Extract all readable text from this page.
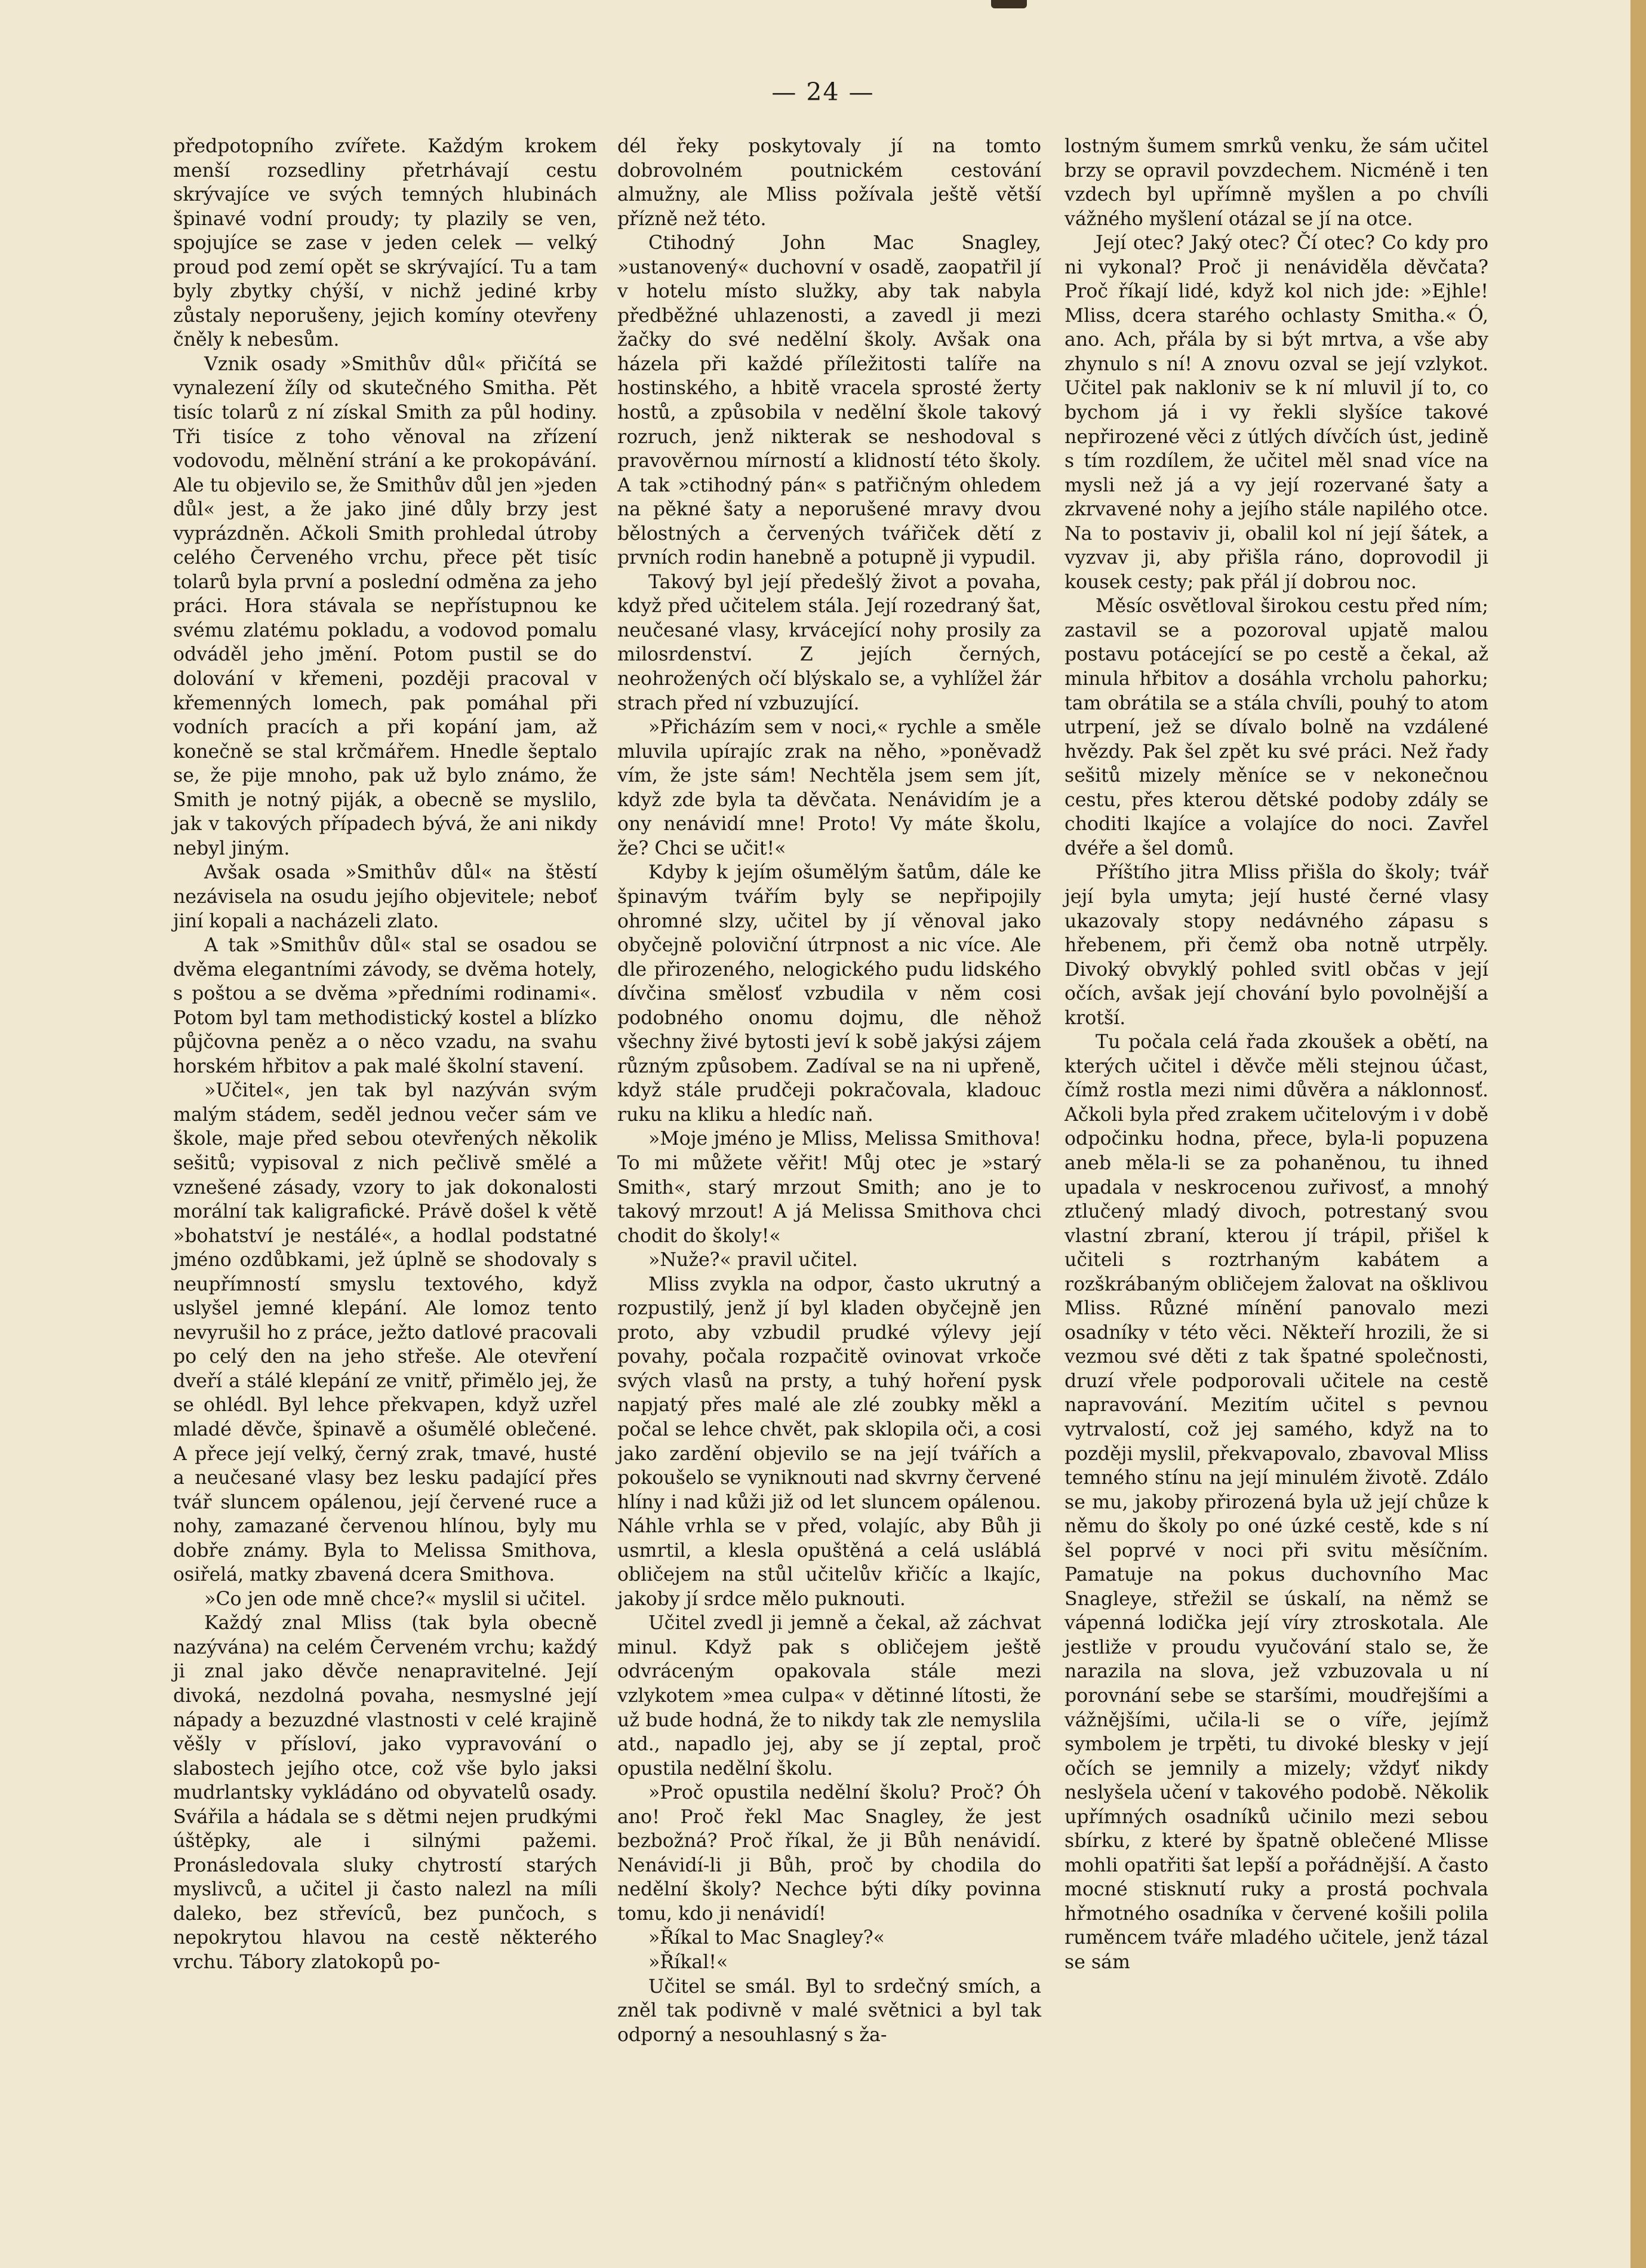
— 24 —

předpotopního zvířete. Každým krokem menší rozsedliny přetrhávají cestu skrývajíce ve svých temných hlubinách špinavé vodní proudy; ty plazily se ven, spojujíce se zase v jeden celek — velký proud pod zemí opět se skrývající. Tu a tam byly zbytky chýší, v nichž jediné krby zůstaly neporušeny, jejich komíny otevřeny čněly k nebesům.

Vznik osady »Smithův důl« přičítá se vynalezení žíly od skutečného Smitha. Pět tisíc tolarů z ní získal Smith za půl hodiny. Tři tisíce z toho věnoval na zřízení vodovodu, mělnění strání a ke prokopávání. Ale tu objevilo se, že Smithův důl jen »jeden důl« jest, a že jako jiné důly brzy jest vyprázdněn. Ačkoli Smith prohledal útroby celého Červeného vrchu, přece pět tisíc tolarů byla první a poslední odměna za jeho práci. Hora stávala se nepřístupnou ke svému zlatému pokladu, a vodovod pomalu odváděl jeho jmění. Potom pustil se do dolování v křemeni, později pracoval v křemenných lomech, pak pomáhal při vodních pracích a při kopání jam, až konečně se stal krčmářem. Hnedle šeptalo se, že pije mnoho, pak už bylo známo, že Smith je notný piják, a obecně se myslilo, jak v takových případech bývá, že ani nikdy nebyl jiným.

Avšak osada »Smithův důl« na štěstí nezávisela na osudu jejího objevitele; neboť jiní kopali a nacházeli zlato.

A tak »Smithův důl« stal se osadou se dvěma elegantními závody, se dvěma hotely, s poštou a se dvěma »předními rodinami«. Potom byl tam methodistický kostel a blízko půjčovna peněz a o něco vzadu, na svahu horském hřbitov a pak malé školní stavení.

»Učitel«, jen tak byl nazýván svým malým stádem, seděl jednou večer sám ve škole, maje před sebou otevřených několik sešitů; vypisoval z nich pečlivě smělé a vznešené zásady, vzory to jak dokonalosti morální tak kaligrafické. Právě došel k větě »bohatství je nestálé«, a hodlal podstatné jméno ozdůbkami, jež úplně se shodovaly s neupřímností smyslu textového, když uslyšel jemné klepání. Ale lomoz tento nevyrušil ho z práce, ježto datlové pracovali po celý den na jeho střeše. Ale otevření dveří a stálé klepání ze vnitř, přimělo jej, že se ohlédl. Byl lehce překvapen, když uzřel mladé děvče, špinavě a ošumělé oblečené. A přece její velký, černý zrak, tmavé, husté a neučesané vlasy bez lesku padající přes tvář sluncem opálenou, její červené ruce a nohy, zamazané červenou hlínou, byly mu dobře známy. Byla to Melissa Smithova, osiřelá, matky zbavená dcera Smithova.

»Co jen ode mně chce?« myslil si učitel.

Každý znal Mliss (tak byla obecně nazývána) na celém Červeném vrchu; každý ji znal jako děvče nenapravitelné. Její divoká, nezdolná povaha, nesmyslné její nápady a bezuzdné vlastnosti v celé krajině věšly v přísloví, jako vypravování o slabostech jejího otce, což vše bylo jaksi mudrlantsky vykládáno od obyvatelů osady. Svářila a hádala se s dětmi nejen prudkými úštěpky, ale i silnými pažemi. Pronásledovala sluky chytrostí starých myslivců, a učitel ji často nalezl na míli daleko, bez střevíců, bez punčoch, s nepokrytou hlavou na cestě některého vrchu. Tábory zlatokopů po-

dél řeky poskytovaly jí na tomto dobrovolném poutnickém cestování almužny, ale Mliss požívala ještě větší přízně než této.

Ctihodný John Mac Snagley, »ustanovený« duchovní v osadě, zaopatřil jí v hotelu místo služky, aby tak nabyla předběžné uhlazenosti, a zavedl ji mezi žačky do své nedělní školy. Avšak ona házela při každé příležitosti talíře na hostinského, a hbitě vracela sprosté žerty hostů, a způsobila v nedělní škole takový rozruch, jenž nikterak se neshodoval s pravověrnou mírností a klidností této školy. A tak »ctihodný pán« s patřičným ohledem na pěkné šaty a neporušené mravy dvou bělostných a červených tvářiček dětí z prvních rodin hanebně a potupně ji vypudil.

Takový byl její předešlý život a povaha, když před učitelem stála. Její rozedraný šat, neučesané vlasy, krvácející nohy prosily za milosrdenství. Z jejích černých, neohrožených očí blýskalo se, a vyhlížel žár strach před ní vzbuzující.

»Přicházím sem v noci,« rychle a směle mluvila upírajíc zrak na něho, »poněvadž vím, že jste sám! Nechtěla jsem sem jít, když zde byla ta děvčata. Nenávidím je a ony nenávidí mne! Proto! Vy máte školu, že? Chci se učit!«

Kdyby k jejím ošumělým šatům, dále ke špinavým tvářím byly se nepřipojily ohromné slzy, učitel by jí věnoval jako obyčejně poloviční útrpnost a nic více. Ale dle přirozeného, nelogického pudu lidského dívčina smělosť vzbudila v něm cosi podobného onomu dojmu, dle něhož všechny živé bytosti jeví k sobě jakýsi zájem různým způsobem. Zadíval se na ni upřeně, když stále prudčeji pokračovala, kladouc ruku na kliku a hledíc naň.

»Moje jméno je Mliss, Melissa Smithova! To mi můžete věřit! Můj otec je »starý Smith«, starý mrzout Smith; ano je to takový mrzout! A já Melissa Smithova chci chodit do školy!«

»Nuže?« pravil učitel.

Mliss zvykla na odpor, často ukrutný a rozpustilý, jenž jí byl kladen obyčejně jen proto, aby vzbudil prudké výlevy její povahy, počala rozpačitě ovinovat vrkoče svých vlasů na prsty, a tuhý hoření pysk napjatý přes malé ale zlé zoubky měkl a počal se lehce chvět, pak sklopila oči, a cosi jako zardění objevilo se na její tvářích a pokoušelo se vyniknouti nad skvrny červené hlíny i nad kůži již od let sluncem opálenou. Náhle vrhla se v před, volajíc, aby Bůh ji usmrtil, a klesla opuštěná a celá usláblá obličejem na stůl učitelův křičíc a lkajíc, jakoby jí srdce mělo puknouti.

Učitel zvedl ji jemně a čekal, až záchvat minul. Když pak s obličejem ještě odvráceným opakovala stále mezi vzlykotem »mea culpa« v dětinné lítosti, že už bude hodná, že to nikdy tak zle nemyslila atd., napadlo jej, aby se jí zeptal, proč opustila nedělní školu.

»Proč opustila nedělní školu? Proč? Óh ano! Proč řekl Mac Snagley, že jest bezbožná? Proč říkal, že ji Bůh nenávidí. Nenávidí-li ji Bůh, proč by chodila do nedělní školy? Nechce býti díky povinna tomu, kdo ji nenávidí!

»Říkal to Mac Snagley?«

»Říkal!«

Učitel se smál. Byl to srdečný smích, a zněl tak podivně v malé světnici a byl tak odporný a nesouhlasný s ža-

lostným šumem smrků venku, že sám učitel brzy se opravil povzdechem. Nicméně i ten vzdech byl upřímně myšlen a po chvíli vážného myšlení otázal se jí na otce.

Její otec? Jaký otec? Čí otec? Co kdy pro ni vykonal? Proč ji nenáviděla děvčata? Proč říkají lidé, když kol nich jde: »Ejhle! Mliss, dcera starého ochlasty Smitha.« Ó, ano. Ach, přála by si být mrtva, a vše aby zhynulo s ní! A znovu ozval se její vzlykot. Učitel pak nakloniv se k ní mluvil jí to, co bychom já i vy řekli slyšíce takové nepřirozené věci z útlých dívčích úst, jedině s tím rozdílem, že učitel měl snad více na mysli než já a vy její rozervané šaty a zkrvavené nohy a jejího stále napilého otce. Na to postaviv ji, obalil kol ní její šátek, a vyzvav ji, aby přišla ráno, doprovodil ji kousek cesty; pak přál jí dobrou noc.

Měsíc osvětloval širokou cestu před ním; zastavil se a pozoroval upjatě malou postavu potácející se po cestě a čekal, až minula hřbitov a dosáhla vrcholu pahorku; tam obrátila se a stála chvíli, pouhý to atom utrpení, jež se dívalo bolně na vzdálené hvězdy. Pak šel zpět ku své práci. Než řady sešitů mizely měníce se v nekonečnou cestu, přes kterou dětské podoby zdály se choditi lkajíce a volajíce do noci. Zavřel dvéře a šel domů.

Příštího jitra Mliss přišla do školy; tvář její byla umyta; její husté černé vlasy ukazovaly stopy nedávného zápasu s hřebenem, při čemž oba notně utrpěly. Divoký obvyklý pohled svitl občas v její očích, avšak její chování bylo povolnější a krotší.

Tu počala celá řada zkoušek a obětí, na kterých učitel i děvče měli stejnou účast, čímž rostla mezi nimi důvěra a náklonnosť. Ačkoli byla před zrakem učitelovým i v době odpočinku hodna, přece, byla-li popuzena aneb měla-li se za pohaněnou, tu ihned upadala v neskrocenou zuřivosť, a mnohý ztlučený mladý divoch, potrestaný svou vlastní zbraní, kterou jí trápil, přišel k učiteli s roztrhaným kabátem a rozškrábaným obličejem žalovat na ošklivou Mliss. Různé mínění panovalo mezi osadníky v této věci. Někteří hrozili, že si vezmou své děti z tak špatné společnosti, druzí vřele podporovali učitele na cestě napravování. Mezitím učitel s pevnou vytrvalostí, což jej samého, když na to později myslil, překvapovalo, zbavoval Mliss temného stínu na její minulém životě. Zdálo se mu, jakoby přirozená byla už její chůze k němu do školy po oné úzké cestě, kde s ní šel poprvé v noci při svitu měsíčním. Pamatuje na pokus duchovního Mac Snagleye, střežil se úskalí, na němž se vápenná lodička její víry ztroskotala. Ale jestliže v proudu vyučování stalo se, že narazila na slova, jež vzbuzovala u ní porovnání sebe se staršími, moudřejšími a vážnějšími, učila-li se o víře, jejímž symbolem je trpěti, tu divoké blesky v její očích se jemnily a mizely; vždyť nikdy neslyšela učení v takového podobě. Několik upřímných osadníků učinilo mezi sebou sbírku, z které by špatně oblečené Mlisse mohli opatřiti šat lepší a pořádnější. A často mocné stisknutí ruky a prostá pochvala hřmotného osadníka v červené košili polila ruměncem tváře mladého učitele, jenž tázal se sám
